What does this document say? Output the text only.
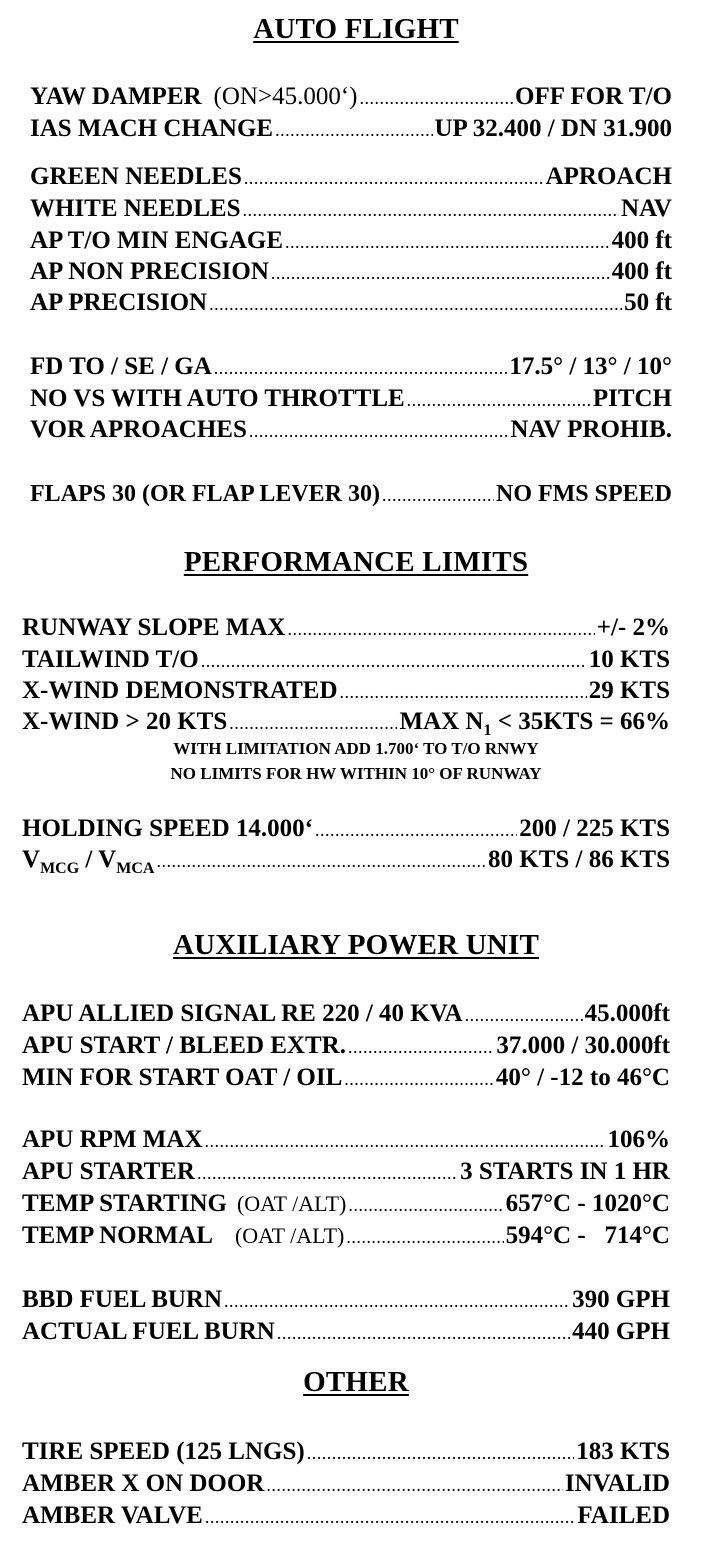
AUTO FLIGHT
YAW DAMPER (ON>45.000‘) .....	OFF FOR T/O
IAS MACH CHANGE .....	UP 32.400 / DN 31.900
GREEN NEEDLES .....	APROACH
WHITE NEEDLES .....	NAV
AP T/O MIN ENGAGE .....	400 ft
AP NON PRECISION .....	400 ft
AP PRECISION .....	50 ft
FD TO / SE / GA .....	17.5° / 13° / 10°
NO VS WITH AUTO THROTTLE .....	PITCH
VOR APROACHES .....	NAV PROHIB.
FLAPS 30 (OR FLAP LEVER 30) .....	NO FMS SPEED
PERFORMANCE LIMITS
RUNWAY SLOPE MAX .....	+/- 2%
TAILWIND T/O .....	10 KTS
X-WIND DEMONSTRATED .....	29 KTS
X-WIND > 20 KTS .....	MAX $N_1 < 35KTS = 66\%$
WITH LIMITATION ADD 1.700‘ TO T/O RNWY
NO LIMITS FOR HW WITHIN 10° OF RUNWAY
HOLDING SPEED 14.000‘ .....	200 / 225 KTS
$V_{MCG} / V_{MCA}$ .....	80 KTS / 86 KTS
AUXILIARY POWER UNIT
APU ALLIED SIGNAL RE 220 / 40 KVA .....	45.000ft
APU START / BLEED EXTR. .....	37.000 / 30.000ft
MIN FOR START OAT / OIL .....	40° / -12 to 46°C
APU RPM MAX .....	106%
APU STARTER .....	3 STARTS IN 1 HR
TEMP STARTING (OAT /ALT) .....	657°C - 1020°C
TEMP NORMAL (OAT /ALT) .....	594°C -   714°C
BBD FUEL BURN .....	390 GPH
ACTUAL FUEL BURN .....	440 GPH
OTHER
TIRE SPEED (125 LNGS) .....	183 KTS
AMBER X ON DOOR .....	INVALID
AMBER VALVE .....	FAILED
